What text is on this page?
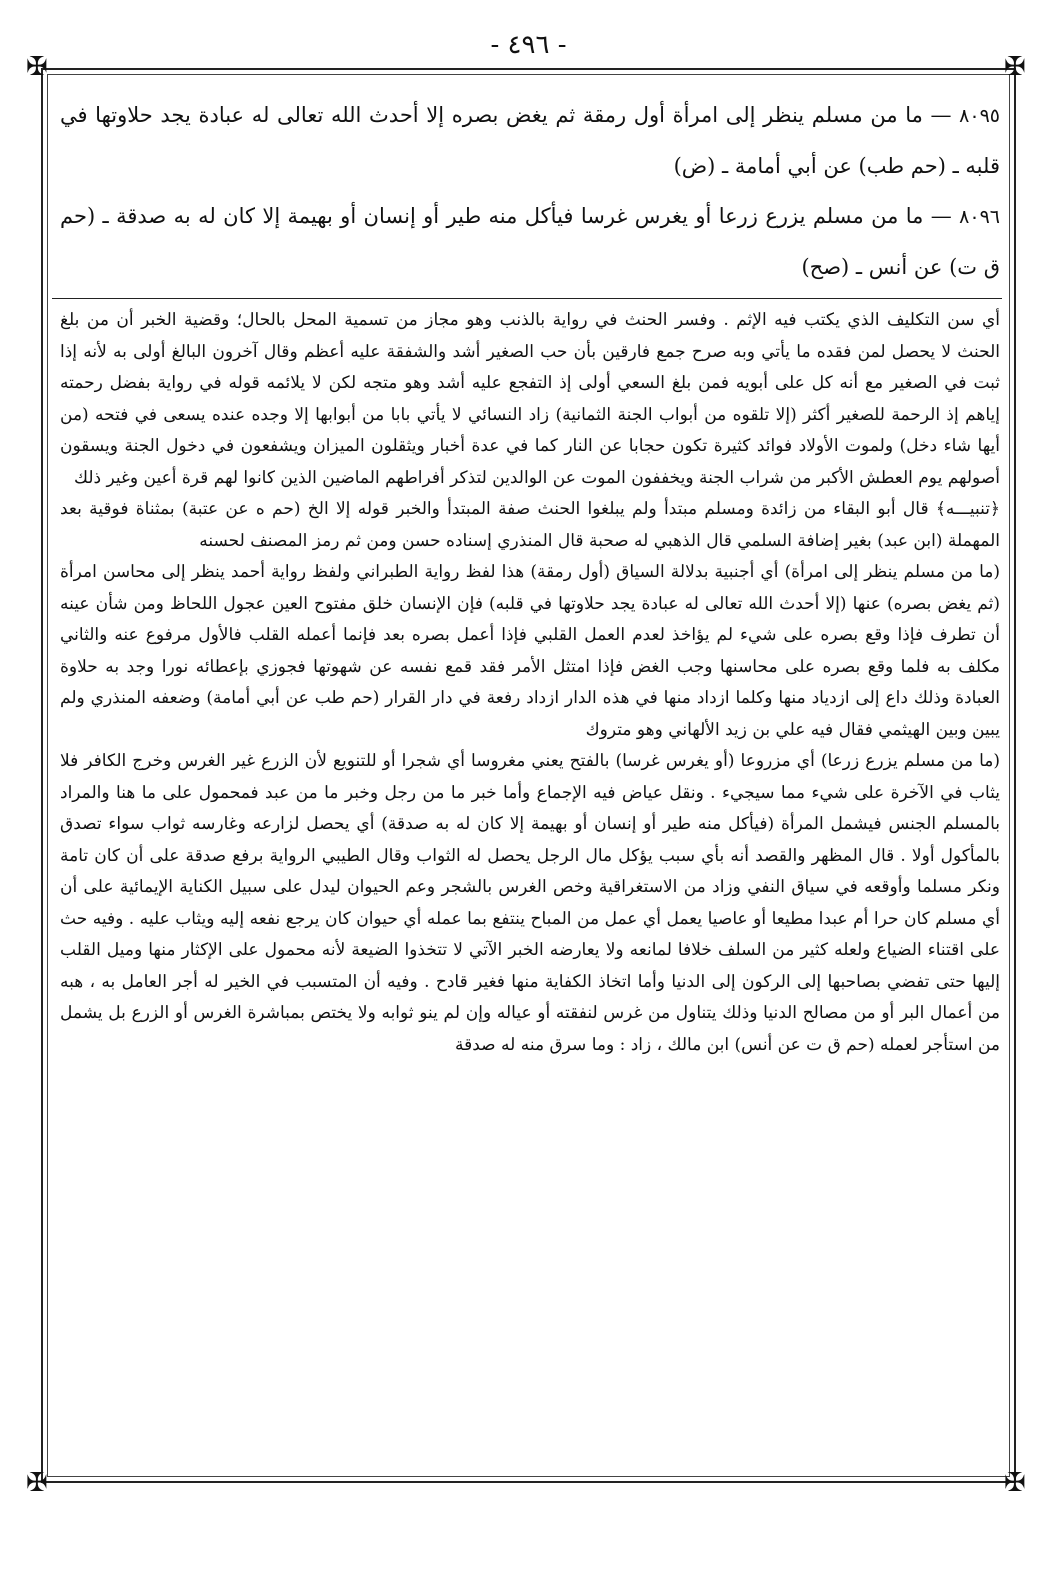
- ٤٩٦ -
✠	✠
✠	✠

٨٠٩٥ — ما من مسلم ينظر إلى امرأة أول رمقة ثم يغض بصره إلا أحدث الله تعالى له عبادة يجد حلاوتها في قلبه ـ (حم طب) عن أبي أمامة ـ (ض)

٨٠٩٦ — ما من مسلم يزرع زرعا أو يغرس غرسا فيأكل منه طير أو إنسان أو بهيمة إلا كان له به صدقة ـ (حم ق ت) عن أنس ـ (صح)

أي سن التكليف الذي يكتب فيه الإثم . وفسر الحنث في رواية بالذنب وهو مجاز من تسمية المحل بالحال؛ وقضية الخبر أن من بلغ الحنث لا يحصل لمن فقده ما يأتي وبه صرح جمع فارقين بأن حب الصغير أشد والشفقة عليه أعظم وقال آخرون البالغ أولى به لأنه إذا ثبت في الصغير مع أنه كل على أبويه فمن بلغ السعي أولى إذ التفجع عليه أشد وهو متجه لكن لا يلائمه قوله في رواية بفضل رحمته إياهم إذ الرحمة للصغير أكثر (إلا تلقوه من أبواب الجنة الثمانية) زاد النسائي لا يأتي بابا من أبوابها إلا وجده عنده يسعى في فتحه (من أيها شاء دخل) ولموت الأولاد فوائد كثيرة تكون حجابا عن النار كما في عدة أخبار ويثقلون الميزان ويشفعون في دخول الجنة ويسقون أصولهم يوم العطش الأكبر من شراب الجنة ويخففون الموت عن الوالدين لتذكر أفراطهم الماضين الذين كانوا لهم قرة أعين وغير ذلك

﴿تنبيـــه﴾ قال أبو البقاء من زائدة ومسلم مبتدأ ولم يبلغوا الحنث صفة المبتدأ والخبر قوله إلا الخ (حم ه عن عتبة) بمثناة فوقية بعد المهملة (ابن عبد) بغير إضافة السلمي قال الذهبي له صحبة قال المنذري إسناده حسن ومن ثم رمز المصنف لحسنه

(ما من مسلم ينظر إلى امرأة) أي أجنبية بدلالة السياق (أول رمقة) هذا لفظ رواية الطبراني ولفظ رواية أحمد ينظر إلى محاسن امرأة (ثم يغض بصره) عنها (إلا أحدث الله تعالى له عبادة يجد حلاوتها في قلبه) فإن الإنسان خلق مفتوح العين عجول اللحاظ ومن شأن عينه أن تطرف فإذا وقع بصره على شيء لم يؤاخذ لعدم العمل القلبي فإذا أعمل بصره بعد فإنما أعمله القلب فالأول مرفوع عنه والثاني مكلف به فلما وقع بصره على محاسنها وجب الغض فإذا امتثل الأمر فقد قمع نفسه عن شهوتها فجوزي بإعطائه نورا وجد به حلاوة العبادة وذلك داع إلى ازدياد منها وكلما ازداد منها في هذه الدار ازداد رفعة في دار القرار (حم طب عن أبي أمامة) وضعفه المنذري ولم يبين وبين الهيثمي فقال فيه علي بن زيد الألهاني وهو متروك

(ما من مسلم يزرع زرعا) أي مزروعا (أو يغرس غرسا) بالفتح يعني مغروسا أي شجرا أو للتنويع لأن الزرع غير الغرس وخرج الكافر فلا يثاب في الآخرة على شيء مما سيجيء . ونقل عياض فيه الإجماع وأما خبر ما من رجل وخبر ما من عبد فمحمول على ما هنا والمراد بالمسلم الجنس فيشمل المرأة (فيأكل منه طير أو إنسان أو بهيمة إلا كان له به صدقة) أي يحصل لزارعه وغارسه ثواب سواء تصدق بالمأكول أولا . قال المظهر والقصد أنه بأي سبب يؤكل مال الرجل يحصل له الثواب وقال الطيبي الرواية برفع صدقة على أن كان تامة ونكر مسلما وأوقعه في سياق النفي وزاد من الاستغراقية وخص الغرس بالشجر وعم الحيوان ليدل على سبيل الكناية الإيمائية على أن أي مسلم كان حرا أم عبدا مطيعا أو عاصيا يعمل أي عمل من المباح ينتفع بما عمله أي حيوان كان يرجع نفعه إليه ويثاب عليه . وفيه حث على اقتناء الضياع ولعله كثير من السلف خلافا لمانعه ولا يعارضه الخبر الآتي لا تتخذوا الضيعة لأنه محمول على الإكثار منها وميل القلب إليها حتى تفضي بصاحبها إلى الركون إلى الدنيا وأما اتخاذ الكفاية منها فغير قادح . وفيه أن المتسبب في الخير له أجر العامل به ، هبه من أعمال البر أو من مصالح الدنيا وذلك يتناول من غرس لنفقته أو عياله وإن لم ينو ثوابه ولا يختص بمباشرة الغرس أو الزرع بل يشمل من استأجر لعمله (حم ق ت عن أنس) ابن مالك ، زاد : وما سرق منه له صدقة
